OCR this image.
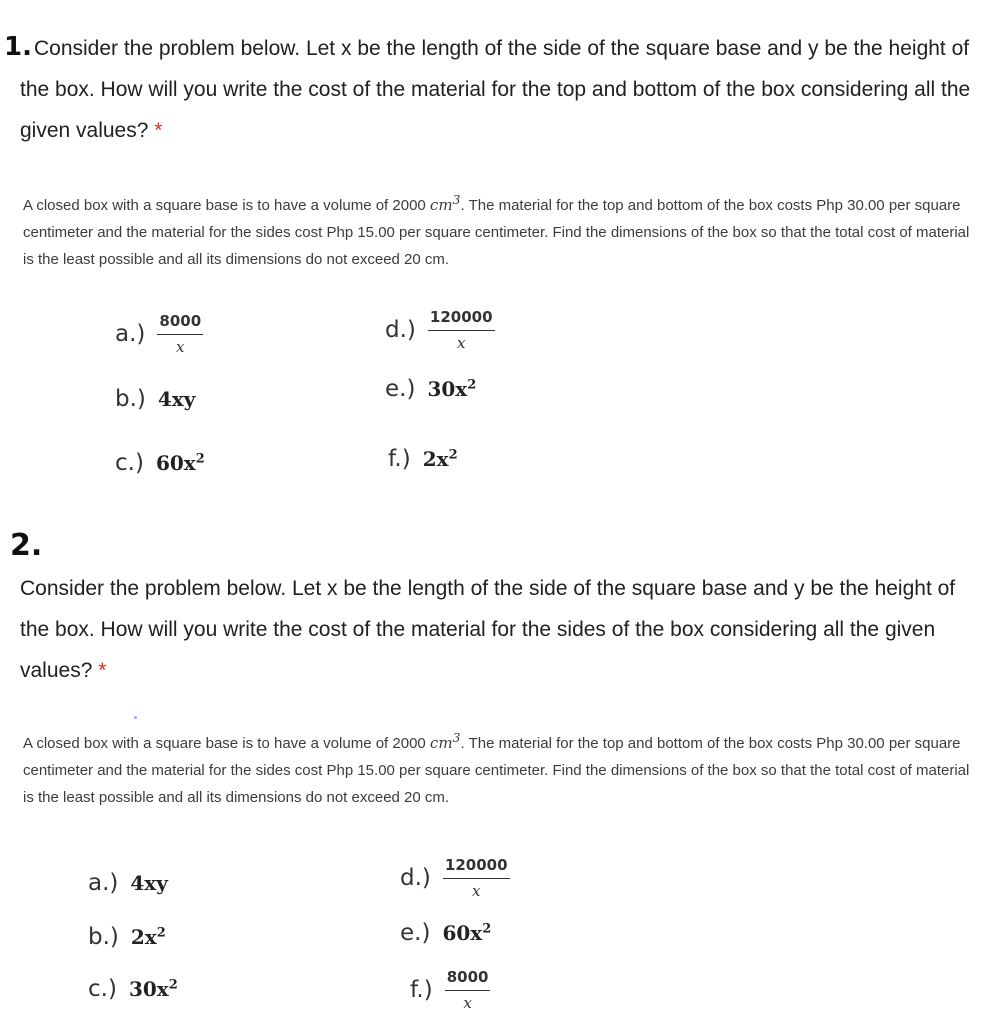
1.Consider the problem below. Let x be the length of the side of the square base and y be the height of the box. How will you write the cost of the material for the top and bottom of the box considering all the given values? *
A closed box with a square base is to have a volume of 2000 $cm^3$. The material for the top and bottom of the box costs Php 30.00 per square centimeter and the material for the sides cost Php 15.00 per square centimeter. Find the dimensions of the box so that the total cost of material is the least possible and all its dimensions do not exceed 20 cm.
$a.) \frac{8000}{x}$
b.) 4xy
c.) $60x^2$
$d.) \frac{120000}{x}$
e.) $30x^2$
f.) $2x^2$
2.
Consider the problem below. Let x be the length of the side of the square base and y be the height of the box. How will you write the cost of the material for the sides of the box considering all the given values? *
A closed box with a square base is to have a volume of 2000 $cm^3$. The material for the top and bottom of the box costs Php 30.00 per square centimeter and the material for the sides cost Php 15.00 per square centimeter. Find the dimensions of the box so that the total cost of material is the least possible and all its dimensions do not exceed 20 cm.
a.) 4xy
b.) $2x^2$
c.) $30x^2$
$d.) \frac{120000}{x}$
e.) $60x^2$
$f.) \frac{8000}{x}$
